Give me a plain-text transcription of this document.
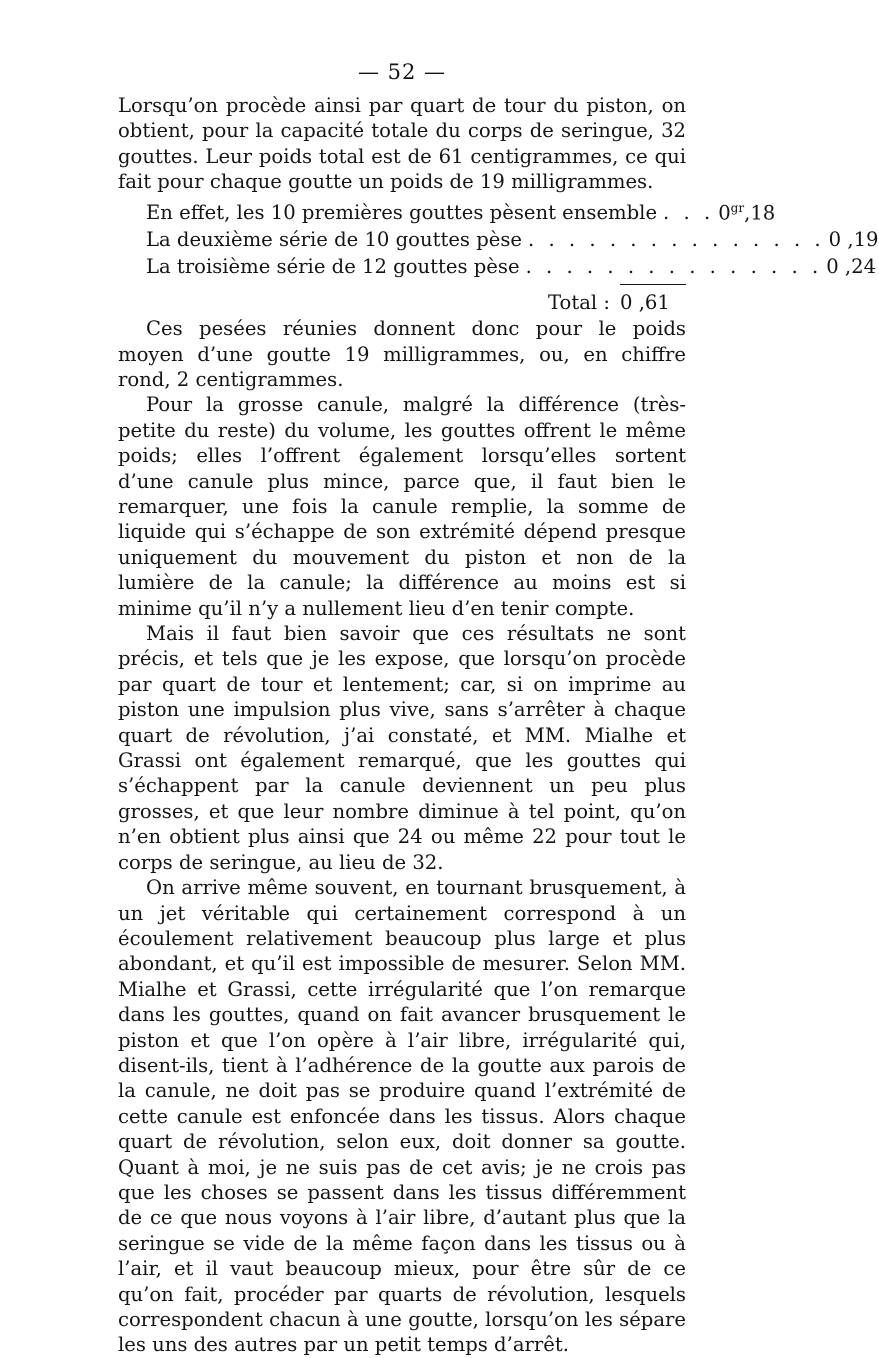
— 52 —

Lorsqu’on procède ainsi par quart de tour du piston, on obtient, pour la capacité totale du corps de seringue, 32 gouttes. Leur poids total est de 61 centigrammes, ce qui fait pour chaque goutte un poids de 19 milligrammes.

En effet, les 10 premières gouttes pèsent ensemble . . . $0^{gr},18$
La deuxième série de 10 gouttes pèse . . . . . . . . . . . . . . . 0 ,19
La troisième série de 12 gouttes pèse . . . . . . . . . . . . . . . 0 ,24
Total : 0 ,61

Ces pesées réunies donnent donc pour le poids moyen d’une goutte 19 milligrammes, ou, en chiffre rond, 2 centigrammes.

Pour la grosse canule, malgré la différence (très-petite du reste) du volume, les gouttes offrent le même poids; elles l’offrent également lorsqu’elles sortent d’une canule plus mince, parce que, il faut bien le remarquer, une fois la canule remplie, la somme de liquide qui s’échappe de son extrémité dépend presque uniquement du mouvement du piston et non de la lumière de la canule; la différence au moins est si minime qu’il n’y a nullement lieu d’en tenir compte.

Mais il faut bien savoir que ces résultats ne sont précis, et tels que je les expose, que lorsqu’on procède par quart de tour et lentement; car, si on imprime au piston une impulsion plus vive, sans s’arrêter à chaque quart de révolution, j’ai constaté, et MM. Mialhe et Grassi ont également remarqué, que les gouttes qui s’échappent par la canule deviennent un peu plus grosses, et que leur nombre diminue à tel point, qu’on n’en obtient plus ainsi que 24 ou même 22 pour tout le corps de seringue, au lieu de 32.

On arrive même souvent, en tournant brusquement, à un jet véritable qui certainement correspond à un écoulement relativement beaucoup plus large et plus abondant, et qu’il est impossible de mesurer. Selon MM. Mialhe et Grassi, cette irrégularité que l’on remarque dans les gouttes, quand on fait avancer brusquement le piston et que l’on opère à l’air libre, irrégularité qui, disent-ils, tient à l’adhérence de la goutte aux parois de la canule, ne doit pas se produire quand l’extrémité de cette canule est enfoncée dans les tissus. Alors chaque quart de révolution, selon eux, doit donner sa goutte. Quant à moi, je ne suis pas de cet avis; je ne crois pas que les choses se passent dans les tissus différemment de ce que nous voyons à l’air libre, d’autant plus que la seringue se vide de la même façon dans les tissus ou à l’air, et il vaut beaucoup mieux, pour être sûr de ce qu’on fait, procéder par quarts de révolution, lesquels correspondent chacun à une goutte, lorsqu’on les sépare les uns des autres par un petit temps d’arrêt.
